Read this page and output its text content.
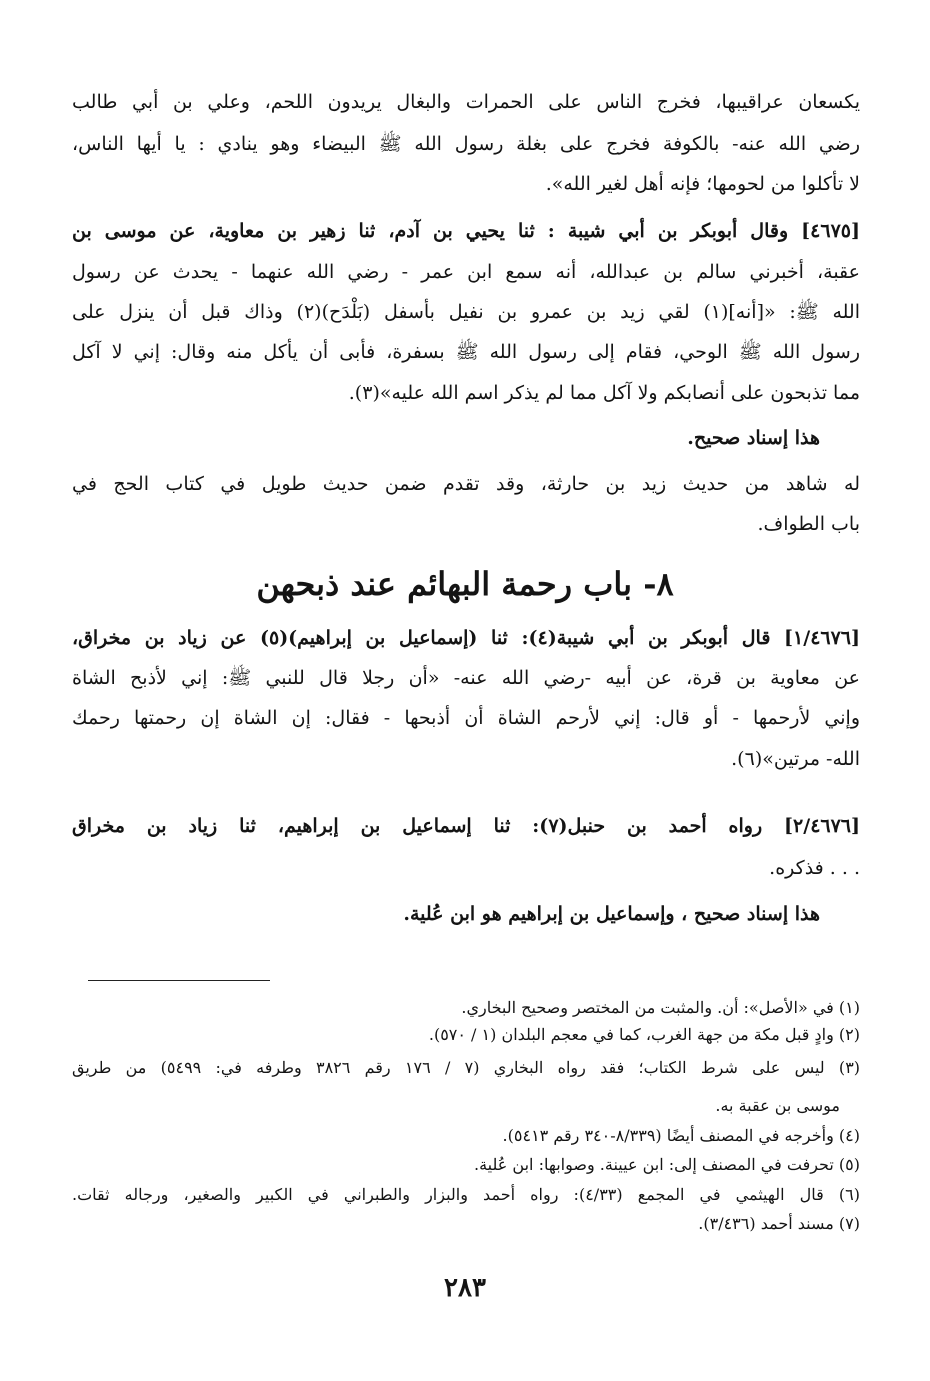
يكسعان عراقيبها، فخرج الناس على الحمرات والبغال يريدون اللحم، وعلي بن أبي طالب
رضي الله عنه- بالكوفة فخرج على بغلة رسول الله ﷺ البيضاء وهو ينادي : يا أيها الناس،
لا تأكلوا من لحومها؛ فإنه أهل لغير الله».
[٤٦٧٥] وقال أبوبكر بن أبي شيبة : ثنا يحيي بن آدم، ثنا زهير بن معاوية، عن موسى بن
عقبة، أخبرني سالم بن عبدالله، أنه سمع ابن عمر - رضي الله عنهما - يحدث عن رسول
الله ﷺ: «[أنه](١) لقي زيد بن عمرو بن نفيل بأسفل (بَلْدَح)(٢) وذاك قبل أن ينزل على
رسول الله ﷺ الوحي، فقام إلى رسول الله ﷺ بسفرة، فأبى أن يأكل منه وقال: إني لا آكل
مما تذبحون على أنصابكم ولا آكل مما لم يذكر اسم الله عليه»(٣).
هذا إسناد صحيح.
له شاهد من حديث زيد بن حارثة، وقد تقدم ضمن حديث طويل في كتاب الحج في
باب الطواف.
٨- باب رحمة البهائم عند ذبحهن
[١/٤٦٧٦] قال أبوبكر بن أبي شيبة(٤): ثنا (إسماعيل بن إبراهيم)(٥) عن زياد بن مخراق،
عن معاوية بن قرة، عن أبيه -رضي الله عنه- «أن رجلا قال للنبي ﷺ: إني لأذبح الشاة
وإني لأرحمها - أو قال: إني لأرحم الشاة أن أذبحها - فقال: إن الشاة إن رحمتها رحمك
الله- مرتين»(٦).
[٢/٤٦٧٦] رواه أحمد بن حنبل(٧): ثنا إسماعيل بن إبراهيم، ثنا زياد بن مخراق
. . . فذكره.
هذا إسناد صحيح ، وإسماعيل بن إبراهيم هو ابن عُلية.
(١) في «الأصل»: أن. والمثبت من المختصر وصحيح البخاري.
(٢) وادٍ قبل مكة من جهة الغرب، كما في معجم البلدان (١ / ٥٧٠).
(٣) ليس على شرط الكتاب؛ فقد رواه البخاري (٧ / ١٧٦ رقم ٣٨٢٦ وطرفه في: ٥٤٩٩) من طريق
موسى بن عقبة به.
(٤) وأخرجه في المصنف أيضًا (٨/٣٣٩-٣٤٠ رقم ٥٤١٣).
(٥) تحرفت في المصنف إلى: ابن عيينة. وصوابها: ابن عُلية.
(٦) قال الهيثمي في المجمع (٤/٣٣): رواه أحمد والبزار والطبراني في الكبير والصغير، ورجاله ثقات.
(٧) مسند أحمد (٣/٤٣٦).
٢٨٣
